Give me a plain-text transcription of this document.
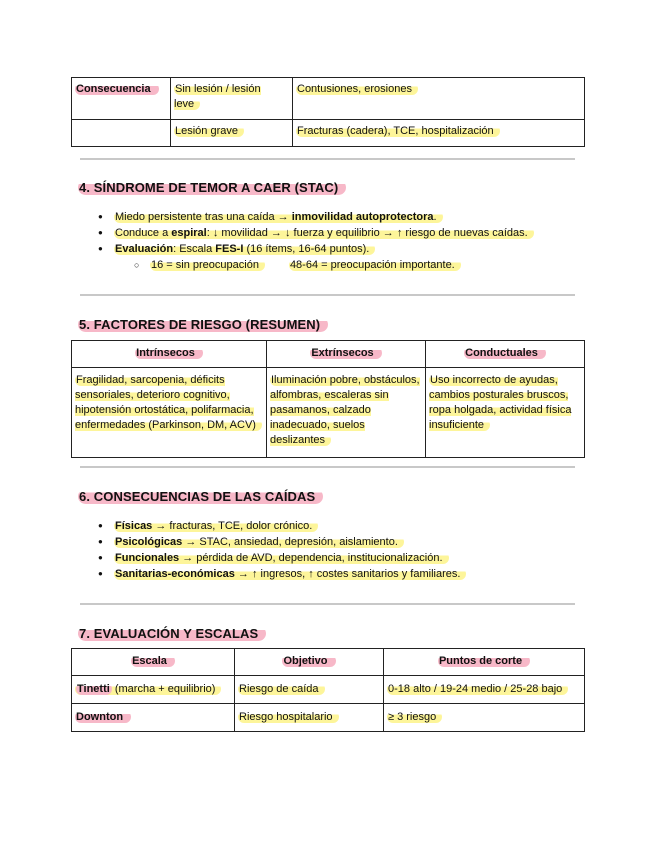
Consecuencia	Sin lesión / lesión leve	Contusiones, erosiones
	Lesión grave	Fracturas (cadera), TCE, hospitalización
4. SÍNDROME DE TEMOR A CAER (STAC)
● Miedo persistente tras una caída → inmovilidad autoprotectora.
● Conduce a espiral: ↓ movilidad → ↓ fuerza y equilibrio → ↑ riesgo de nuevas caídas.
● Evaluación: Escala FES-I (16 ítems, 16-64 puntos).
○ 16 = sin preocupación	48-64 = preocupación importante.
5. FACTORES DE RIESGO (RESUMEN)
Intrínsecos	Extrínsecos	Conductuales
Fragilidad, sarcopenia, déficits sensoriales, deterioro cognitivo, hipotensión ortostática, polifarmacia, enfermedades (Parkinson, DM, ACV)	Iluminación pobre, obstáculos, alfombras, escaleras sin pasamanos, calzado inadecuado, suelos deslizantes	Uso incorrecto de ayudas, cambios posturales bruscos, ropa holgada, actividad física insuficiente
6. CONSECUENCIAS DE LAS CAÍDAS
● Físicas → fracturas, TCE, dolor crónico.
● Psicológicas → STAC, ansiedad, depresión, aislamiento.
● Funcionales → pérdida de AVD, dependencia, institucionalización.
● Sanitarias-económicas → ↑ ingresos, ↑ costes sanitarios y familiares.
7. EVALUACIÓN Y ESCALAS
Escala	Objetivo	Puntos de corte
Tinetti (marcha + equilibrio)	Riesgo de caída	0-18 alto / 19-24 medio / 25-28 bajo
Downton	Riesgo hospitalario	≥ 3 riesgo
